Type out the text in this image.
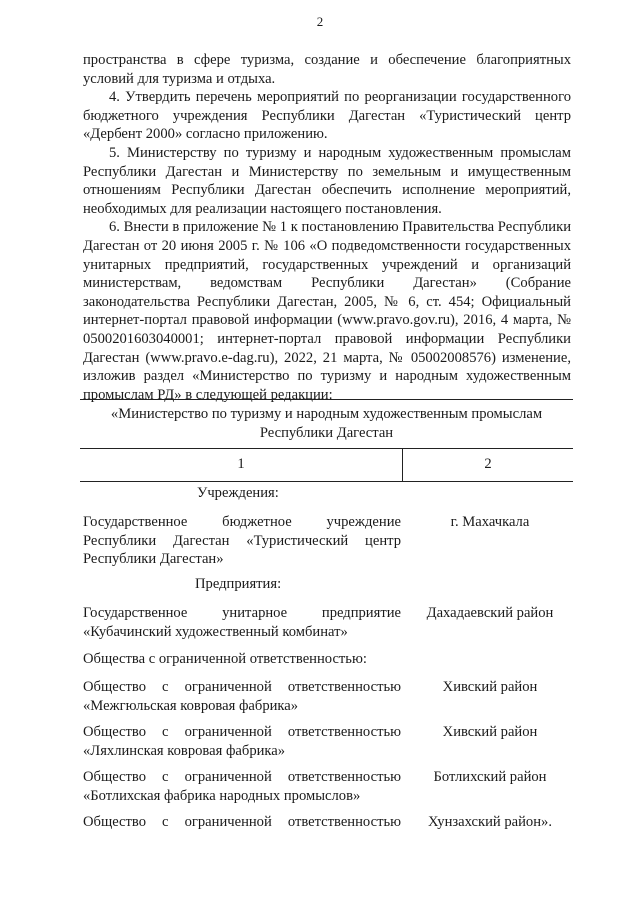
2

пространства в сфере туризма, создание и обеспечение благоприятных условий для туризма и отдыха.

4. Утвердить перечень мероприятий по реорганизации государственного бюджетного учреждения Республики Дагестан «Туристический центр «Дербент 2000» согласно приложению.

5. Министерству по туризму и народным художественным промыслам Республики Дагестан и Министерству по земельным и имущественным отношениям Республики Дагестан обеспечить исполнение мероприятий, необходимых для реализации настоящего постановления.

6. Внести в приложение № 1 к постановлению Правительства Республики Дагестан от 20 июня 2005 г. № 106 «О подведомственности государственных унитарных предприятий, государственных учреждений и организаций министерствам, ведомствам Республики Дагестан» (Собрание законодательства Республики Дагестан, 2005, № 6, ст. 454; Официальный интернет-портал правовой информации (www.pravo.gov.ru), 2016, 4 марта, № 0500201603040001; интернет-портал правовой информации Республики Дагестан (www.pravo.e-dag.ru), 2022, 21 марта, № 05002008576) изменение, изложив раздел «Министерство по туризму и народным художественным промыслам РД» в следующей редакции:

«Министерство по туризму и народным художественным промыслам Республики Дагестан
1	2
Учреждения:
Государственное бюджетное учреждение Республики Дагестан «Туристический центр Республики Дагестан»
г. Махачкала
Предприятия:
Государственное унитарное предприятие «Кубачинский художественный комбинат»
Дахадаевский район
Общества с ограниченной ответственностью:
Общество с ограниченной ответственностью «Межгюльская ковровая фабрика»
Хивский район
Общество с ограниченной ответственностью «Ляхлинская ковровая фабрика»
Хивский район
Общество с ограниченной ответственностью «Ботлихская фабрика народных промыслов»
Ботлихский район
Общество с ограниченной ответственностью	Хунзахский район».
